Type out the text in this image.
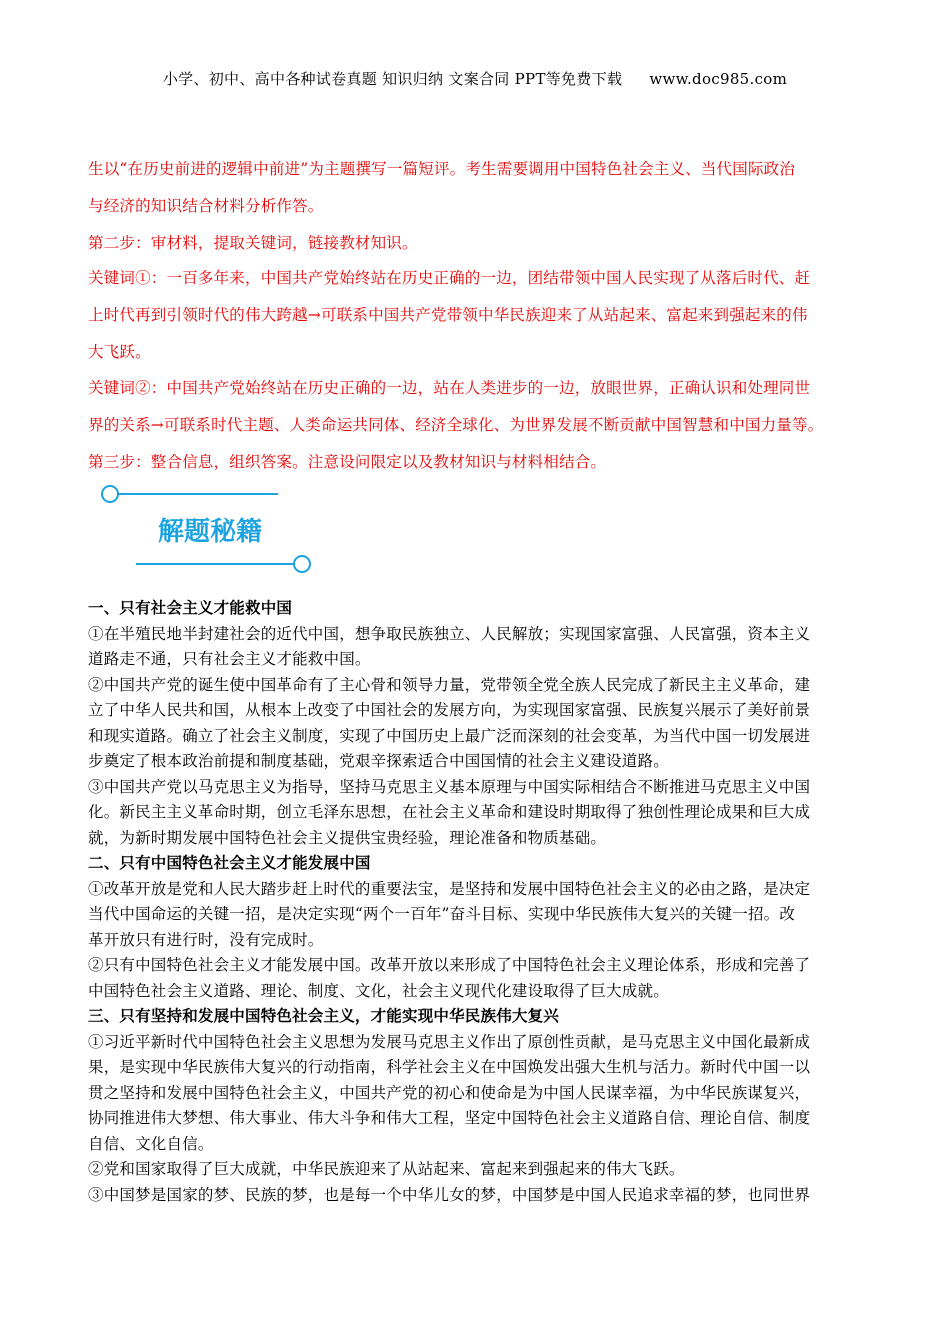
小学、初中、高中各种试卷真题 知识归纳 文案合同 PPT等免费下载 www.doc985.com
生以“在历史前进的逻辑中前进”为主题撰写一篇短评。考生需要调用中国特色社会主义、当代国际政治
与经济的知识结合材料分析作答。
第二步：审材料，提取关键词，链接教材知识。
关键词①：一百多年来，中国共产党始终站在历史正确的一边，团结带领中国人民实现了从落后时代、赶
上时代再到引领时代的伟大跨越→可联系中国共产党带领中华民族迎来了从站起来、富起来到强起来的伟
大飞跃。
关键词②：中国共产党始终站在历史正确的一边，站在人类进步的一边，放眼世界，正确认识和处理同世
界的关系→可联系时代主题、人类命运共同体、经济全球化、为世界发展不断贡献中国智慧和中国力量等。
第三步：整合信息，组织答案。注意设问限定以及教材知识与材料相结合。
解题秘籍
一、只有社会主义才能救中国
①在半殖民地半封建社会的近代中国，想争取民族独立、人民解放；实现国家富强、人民富强，资本主义
道路走不通，只有社会主义才能救中国。
②中国共产党的诞生使中国革命有了主心骨和领导力量，党带领全党全族人民完成了新民主主义革命，建
立了中华人民共和国，从根本上改变了中国社会的发展方向，为实现国家富强、民族复兴展示了美好前景
和现实道路。确立了社会主义制度，实现了中国历史上最广泛而深刻的社会变革，为当代中国一切发展进
步奠定了根本政治前提和制度基础，党艰辛探索适合中国国情的社会主义建设道路。
③中国共产党以马克思主义为指导，坚持马克思主义基本原理与中国实际相结合不断推进马克思主义中国
化。新民主主义革命时期，创立毛泽东思想，在社会主义革命和建设时期取得了独创性理论成果和巨大成
就，为新时期发展中国特色社会主义提供宝贵经验，理论准备和物质基础。
二、只有中国特色社会主义才能发展中国
①改革开放是党和人民大踏步赶上时代的重要法宝，是坚持和发展中国特色社会主义的必由之路，是决定
当代中国命运的关键一招，是决定实现“两个一百年”奋斗目标、实现中华民族伟大复兴的关键一招。改
革开放只有进行时，没有完成时。
②只有中国特色社会主义才能发展中国。改革开放以来形成了中国特色社会主义理论体系，形成和完善了
中国特色社会主义道路、理论、制度、文化，社会主义现代化建设取得了巨大成就。
三、只有坚持和发展中国特色社会主义，才能实现中华民族伟大复兴
①习近平新时代中国特色社会主义思想为发展马克思主义作出了原创性贡献，是马克思主义中国化最新成
果，是实现中华民族伟大复兴的行动指南，科学社会主义在中国焕发出强大生机与活力。新时代中国一以
贯之坚持和发展中国特色社会主义，中国共产党的初心和使命是为中国人民谋幸福，为中华民族谋复兴，
协同推进伟大梦想、伟大事业、伟大斗争和伟大工程，坚定中国特色社会主义道路自信、理论自信、制度
自信、文化自信。
②党和国家取得了巨大成就，中华民族迎来了从站起来、富起来到强起来的伟大飞跃。
③中国梦是国家的梦、民族的梦，也是每一个中华儿女的梦，中国梦是中国人民追求幸福的梦，也同世界
